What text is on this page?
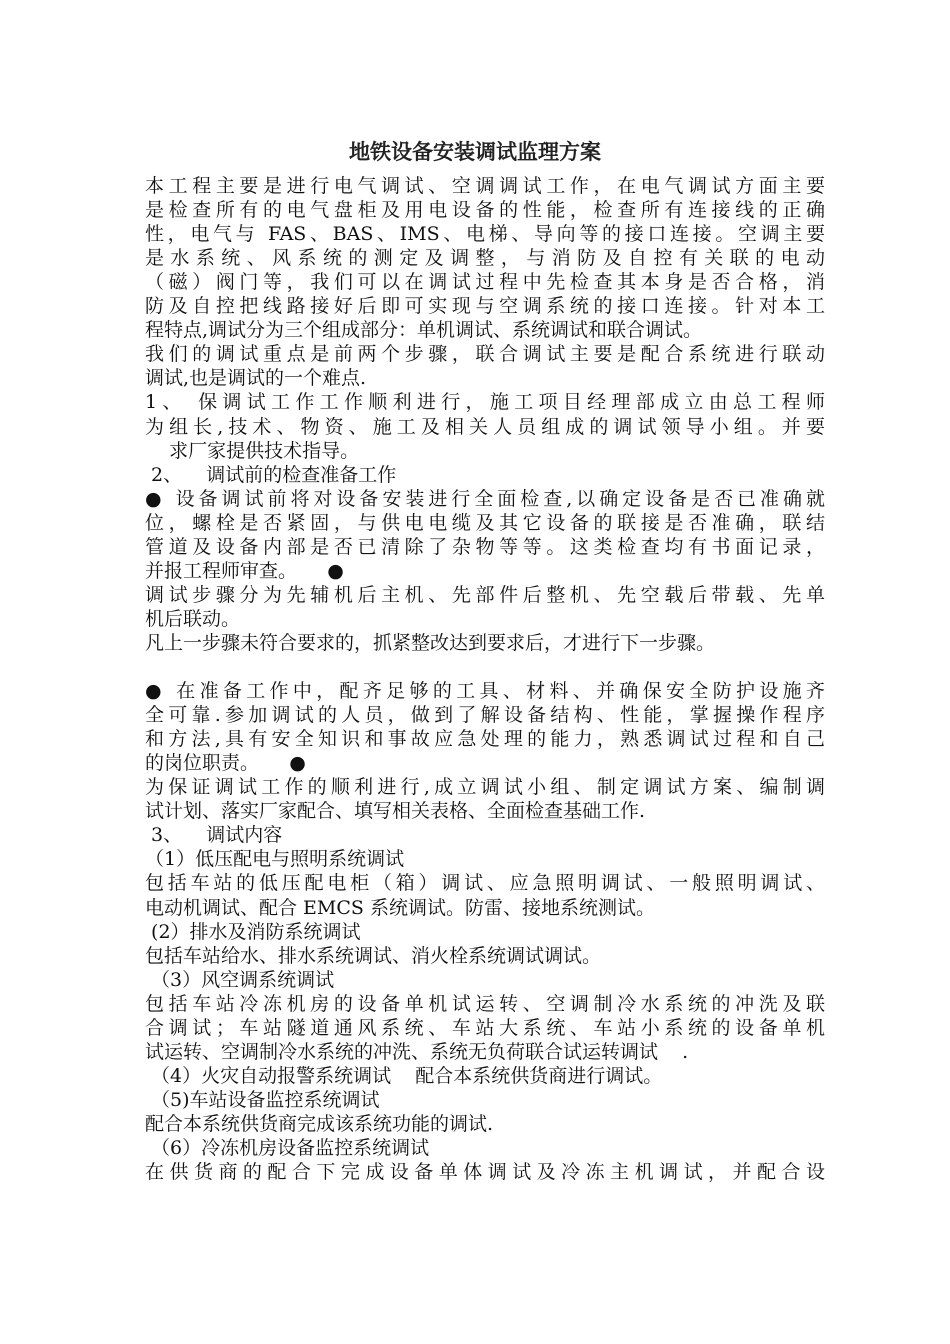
地铁设备安装调试监理方案
本工程主要是进行电气调试、空调调试工作，在电气调试方面主要
是检查所有的电气盘柜及用电设备的性能，检查所有连接线的正确
性，电气与 FAS、BAS、IMS、电梯、导向等的接口连接。空调主要
是水系统、风系统的测定及调整，与消防及自控有关联的电动
（磁）阀门等，我们可以在调试过程中先检查其本身是否合格，消
防及自控把线路接好后即可实现与空调系统的接口连接。针对本工
程特点,调试分为三个组成部分：单机调试、系统调试和联合调试。
我们的调试重点是前两个步骤，联合调试主要是配合系统进行联动
调试,也是调试的一个难点.
1、 保调试工作工作顺利进行，施工项目经理部成立由总工程师
为组长,技术、物资、施工及相关人员组成的调试领导小组。并要
求厂家提供技术指导。
2、    调试前的检查准备工作
● 设备调试前将对设备安装进行全面检查,以确定设备是否已准确就
位，螺栓是否紧固，与供电电缆及其它设备的联接是否准确，联结
管道及设备内部是否已清除了杂物等等。这类检查均有书面记录，
并报工程师审查。     ●
调试步骤分为先辅机后主机、先部件后整机、先空载后带载、先单
机后联动。
凡上一步骤未符合要求的，抓紧整改达到要求后，才进行下一步骤。
● 在准备工作中，配齐足够的工具、材料、并确保安全防护设施齐
全可靠.参加调试的人员，做到了解设备结构、性能，掌握操作程序
和方法,具有安全知识和事故应急处理的能力，熟悉调试过程和自己
的岗位职责。     ●
为保证调试工作的顺利进行,成立调试小组、制定调试方案、编制调
试计划、落实厂家配合、填写相关表格、全面检查基础工作.
3、    调试内容
（1）低压配电与照明系统调试
包括车站的低压配电柜（箱）调试、应急照明调试、一般照明调试、
电动机调试、配合 EMCS 系统调试。防雷、接地系统测试。
(2）排水及消防系统调试
包括车站给水、排水系统调试、消火栓系统调试调试。
（3）风空调系统调试
包括车站冷冻机房的设备单机试运转、空调制冷水系统的冲洗及联
合调试；车站隧道通风系统、车站大系统、车站小系统的设备单机
试运转、空调制冷水系统的冲洗、系统无负荷联合试运转调试    .
（4）火灾自动报警系统调试    配合本系统供货商进行调试。
（5)车站设备监控系统调试
配合本系统供货商完成该系统功能的调试.
（6）冷冻机房设备监控系统调试
在供货商的配合下完成设备单体调试及冷冻主机调试，并配合设
